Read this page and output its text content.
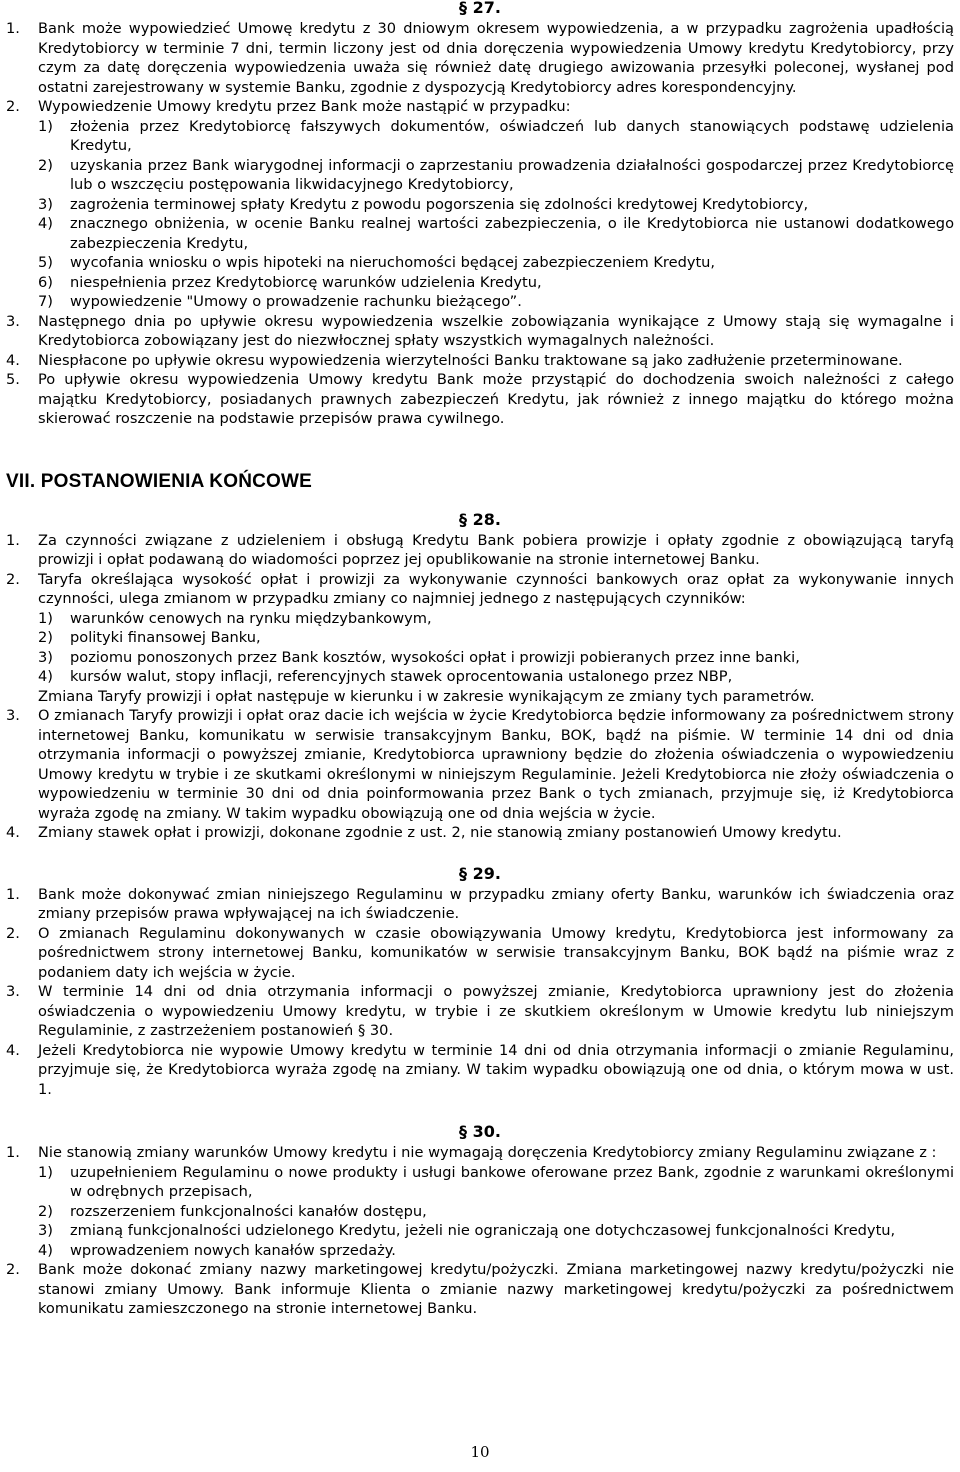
§ 27.
1.	Bank może wypowiedzieć Umowę kredytu z 30 dniowym okresem wypowiedzenia, a w przypadku zagrożenia upadłością Kredytobiorcy w terminie 7 dni, termin liczony jest od dnia doręczenia wypowiedzenia Umowy kredytu Kredytobiorcy, przy czym za datę doręczenia wypowiedzenia uważa się również datę drugiego awizowania przesyłki poleconej, wysłanej pod ostatni zarejestrowany w systemie Banku, zgodnie z dyspozycją Kredytobiorcy adres korespondencyjny.
2.	Wypowiedzenie Umowy kredytu przez Bank może nastąpić w przypadku:
1)	złożenia przez Kredytobiorcę fałszywych dokumentów, oświadczeń lub danych stanowiących podstawę udzielenia Kredytu,
2)	uzyskania przez Bank wiarygodnej informacji o zaprzestaniu prowadzenia działalności gospodarczej przez Kredytobiorcę lub o wszczęciu postępowania likwidacyjnego Kredytobiorcy,
3)	zagrożenia terminowej spłaty Kredytu z powodu pogorszenia się zdolności kredytowej Kredytobiorcy,
4)	znacznego obniżenia, w ocenie Banku realnej wartości zabezpieczenia, o ile Kredytobiorca nie ustanowi dodatkowego zabezpieczenia Kredytu,
5)	wycofania wniosku o wpis hipoteki na nieruchomości będącej zabezpieczeniem Kredytu,
6)	niespełnienia przez Kredytobiorcę warunków udzielenia Kredytu,
7)	wypowiedzenie "Umowy o prowadzenie rachunku bieżącego”.
3.	Następnego dnia po upływie okresu wypowiedzenia wszelkie zobowiązania wynikające z Umowy stają się wymagalne i Kredytobiorca zobowiązany jest do niezwłocznej spłaty wszystkich wymagalnych należności.
4.	Niespłacone po upływie okresu wypowiedzenia wierzytelności Banku traktowane są jako zadłużenie przeterminowane.
5.	Po upływie okresu wypowiedzenia Umowy kredytu Bank może przystąpić do dochodzenia swoich należności z całego majątku Kredytobiorcy, posiadanych prawnych zabezpieczeń Kredytu, jak również z innego majątku do którego można skierować roszczenie na podstawie przepisów prawa cywilnego.
VII. POSTANOWIENIA KOŃCOWE
§ 28.
1.	Za czynności związane z udzieleniem i obsługą Kredytu Bank pobiera prowizje i opłaty zgodnie z obowiązującą taryfą prowizji i opłat podawaną do wiadomości poprzez jej opublikowanie na stronie internetowej Banku.
2.	Taryfa określająca wysokość opłat i prowizji za wykonywanie czynności bankowych oraz opłat za wykonywanie innych czynności, ulega zmianom w przypadku zmiany co najmniej jednego z następujących czynników:
1)	warunków cenowych na rynku międzybankowym,
2)	polityki finansowej Banku,
3)	poziomu ponoszonych przez Bank kosztów, wysokości opłat i prowizji pobieranych przez inne banki,
4)	kursów walut, stopy inflacji, referencyjnych stawek oprocentowania ustalonego przez NBP,
Zmiana Taryfy prowizji i opłat następuje w kierunku i w zakresie wynikającym ze zmiany tych parametrów.
3.	O zmianach Taryfy prowizji i opłat oraz dacie ich wejścia w życie Kredytobiorca będzie informowany za pośrednictwem strony internetowej Banku, komunikatu w serwisie transakcyjnym Banku, BOK, bądź na piśmie. W terminie 14 dni od dnia otrzymania informacji o powyższej zmianie, Kredytobiorca uprawniony będzie do złożenia oświadczenia o wypowiedzeniu Umowy kredytu w trybie i ze skutkami określonymi w niniejszym Regulaminie. Jeżeli Kredytobiorca nie złoży oświadczenia o wypowiedzeniu w terminie 30 dni od dnia poinformowania przez Bank o tych zmianach, przyjmuje się, iż Kredytobiorca wyraża zgodę na zmiany. W takim wypadku obowiązują one od dnia wejścia w życie.
4.	Zmiany stawek opłat i prowizji, dokonane zgodnie z ust. 2, nie stanowią zmiany postanowień Umowy kredytu.
§ 29.
1.	Bank może dokonywać zmian niniejszego Regulaminu w przypadku zmiany oferty Banku, warunków ich świadczenia oraz zmiany przepisów prawa wpływającej na ich świadczenie.
2.	O zmianach Regulaminu dokonywanych w czasie obowiązywania Umowy kredytu, Kredytobiorca jest informowany za pośrednictwem strony internetowej Banku, komunikatów w serwisie transakcyjnym Banku, BOK bądź na piśmie wraz z podaniem daty ich wejścia w życie.
3.	W terminie 14 dni od dnia otrzymania informacji o powyższej zmianie, Kredytobiorca uprawniony jest do złożenia oświadczenia o wypowiedzeniu Umowy kredytu, w trybie i ze skutkiem określonym w Umowie kredytu lub niniejszym Regulaminie, z zastrzeżeniem postanowień § 30.
4.	Jeżeli Kredytobiorca nie wypowie Umowy kredytu w terminie 14 dni od dnia otrzymania informacji o zmianie Regulaminu, przyjmuje się, że Kredytobiorca wyraża zgodę na zmiany. W takim wypadku obowiązują one od dnia, o którym mowa w ust. 1.
§ 30.
1.	Nie stanowią zmiany warunków Umowy kredytu i nie wymagają doręczenia Kredytobiorcy zmiany Regulaminu związane z :
1)	uzupełnieniem Regulaminu o nowe produkty i usługi bankowe oferowane przez Bank, zgodnie z warunkami określonymi w odrębnych przepisach,
2)	rozszerzeniem funkcjonalności kanałów dostępu,
3)	zmianą funkcjonalności udzielonego Kredytu, jeżeli nie ograniczają one dotychczasowej funkcjonalności Kredytu,
4)	wprowadzeniem nowych kanałów sprzedaży.
2.	Bank może dokonać zmiany nazwy marketingowej kredytu/pożyczki. Zmiana marketingowej nazwy kredytu/pożyczki nie stanowi zmiany Umowy. Bank informuje Klienta o zmianie nazwy marketingowej kredytu/pożyczki za pośrednictwem komunikatu zamieszczonego na stronie internetowej Banku.
10
